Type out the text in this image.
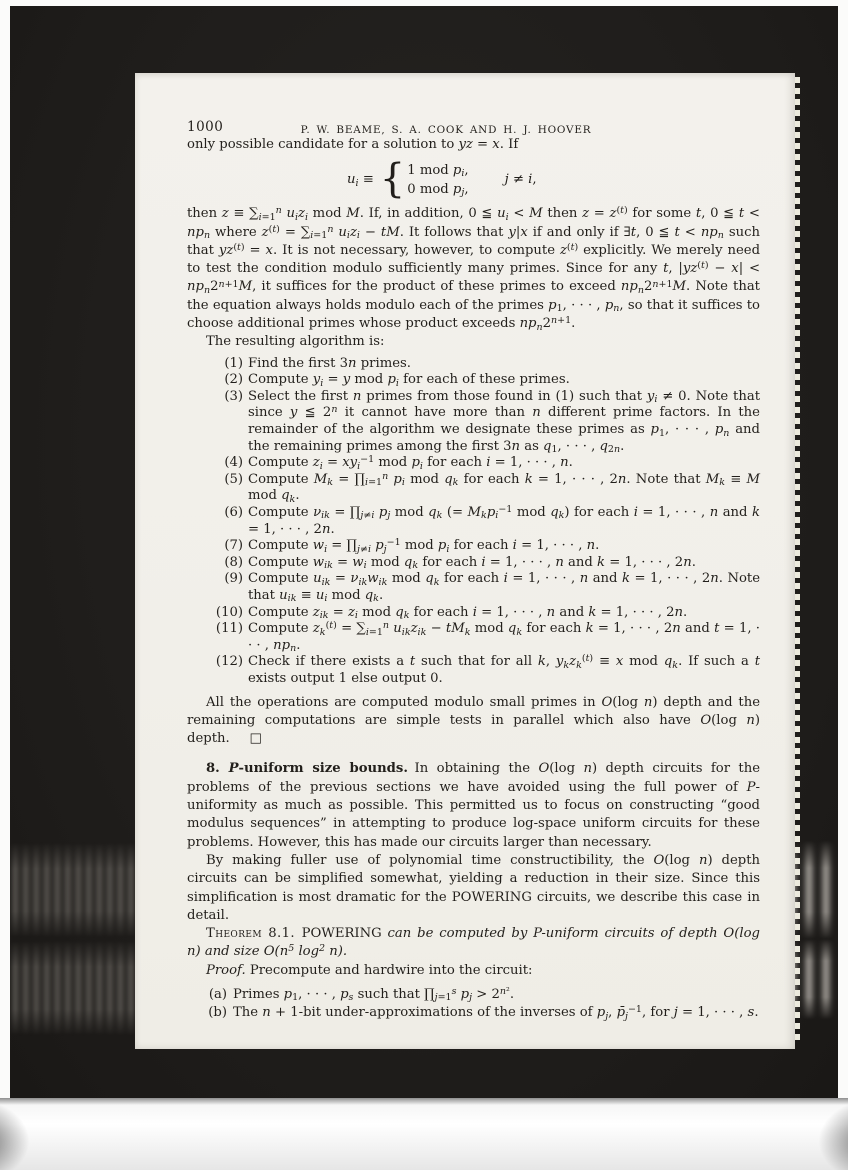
1000	P. W. BEAME, S. A. COOK AND H. J. HOOVER

only possible candidate for a solution to yz = x. If

$u_i$ ≡ { 1 mod $p_i$,
0 mod $p_j$,
j ≠ i,

then $z \equiv \sum_{i=1}^n$ $u_iz_i$ mod M. If, in addition, 0 ≦ $u_i < M$ then $z = z^{(t)}$ for some t, 0 ≦ $t < np_n$ where $z^{(t)} = \sum_{i=1}^n$ $u_iz_i$ − tM. It follows that y|x if and only if ∃t, 0 ≦ $t < np_n$ such that $yz^{(t)} = x$. It is not necessary, however, to compute $z^{(t)}$ explicitly. We merely need to test the condition modulo sufficiently many primes. Since for any t, $|yz^{(t)} - x| < np_n2^{n+1}M$, it suffices for the product of these primes to exceed $np_n2^{n+1}M$. Note that the equation always holds modulo each of the primes $p_1$, · · · , $p_n$, so that it suffices to choose additional primes whose product exceeds $np_n2^{n+1}$.

The resulting algorithm is:

(1) Find the first 3n primes.
(2) Compute $y_i = y$ mod $p_i$ for each of these primes.
(3) Select the first n primes from those found in (1) such that $y_i \ne 0$. Note that since y ≦ 2$^n$ it cannot have more than n different prime factors. In the remainder of the algorithm we designate these primes as $p_1$, · · · , $p_n$ and the remaining primes among the first 3n as $q_1$, · · · , $q_{2n}$.
(4) Compute $z_i = xy_i^{-1}$ mod $p_i$ for each i = 1, · · · , n.
(5) Compute $M_k$ = $\prod_{i=1}^n$ $p_i$ mod $q_k$ for each k = 1, · · · , 2n. Note that $M_k \equiv M$ mod $q_k$.
(6) Compute $\nu_{ik}$ = $\prod_{j\ne i}$ $p_j$ mod $q_k$ (= $M_kp_i^{-1}$ mod $q_k$) for each i = 1, · · · , n and k = 1, · · · , 2n.
(7) Compute $w_i$ = $\prod_{j\ne i}$ $p_j^{-1}$ mod $p_i$ for each i = 1, · · · , n.
(8) Compute $w_{ik} = w_i$ mod $q_k$ for each i = 1, · · · , n and k = 1, · · · , 2n.
(9) Compute $u_{ik} = \nu_{ik}w_{ik}$ mod $q_k$ for each i = 1, · · · , n and k = 1, · · · , 2n. Note that $u_{ik} \equiv u_i$ mod $q_k$.
(10) Compute $z_{ik} = z_i$ mod $q_k$ for each i = 1, · · · , n and k = 1, · · · , 2n.
(11) Compute $z_k^{(t)} = \sum_{i=1}^n$ $u_{ik}z_{ik} - tM_k$ mod $q_k$ for each k = 1, · · · , 2n and t = 1, · · · , $np_n$.
(12) Check if there exists a t such that for all k, $y_kz_k^{(t)} \equiv x$ mod $q_k$. If such a t exists output 1 else output 0.

All the operations are computed modulo small primes in O(log n) depth and the remaining computations are simple tests in parallel which also have O(log n) depth.  □

8. P-uniform size bounds.  In obtaining the O(log n) depth circuits for the problems of the previous sections we have avoided using the full power of P-uniformity as much as possible. This permitted us to focus on constructing “good modulus sequences” in attempting to produce log-space uniform circuits for these problems. However, this has made our circuits larger than necessary.

By making fuller use of polynomial time constructibility, the O(log n) depth circuits can be simplified somewhat, yielding a reduction in their size. Since this simplification is most dramatic for the POWERING circuits, we describe this case in detail.

Theorem 8.1.  POWERING can be computed by P-uniform circuits of depth O(log n) and size $O(n^5$ $\log^2 n$).

Proof. Precompute and hardwire into the circuit:

(a) Primes $p_1$, · · · , $p_s$ such that $\prod_{j=1}^s$ $p_j > 2^{n^2}$.
(b) The n + 1-bit under-approximations of the inverses of $p_j$, $p̄_j^{-1}$, for j = 1, · · · , s.
